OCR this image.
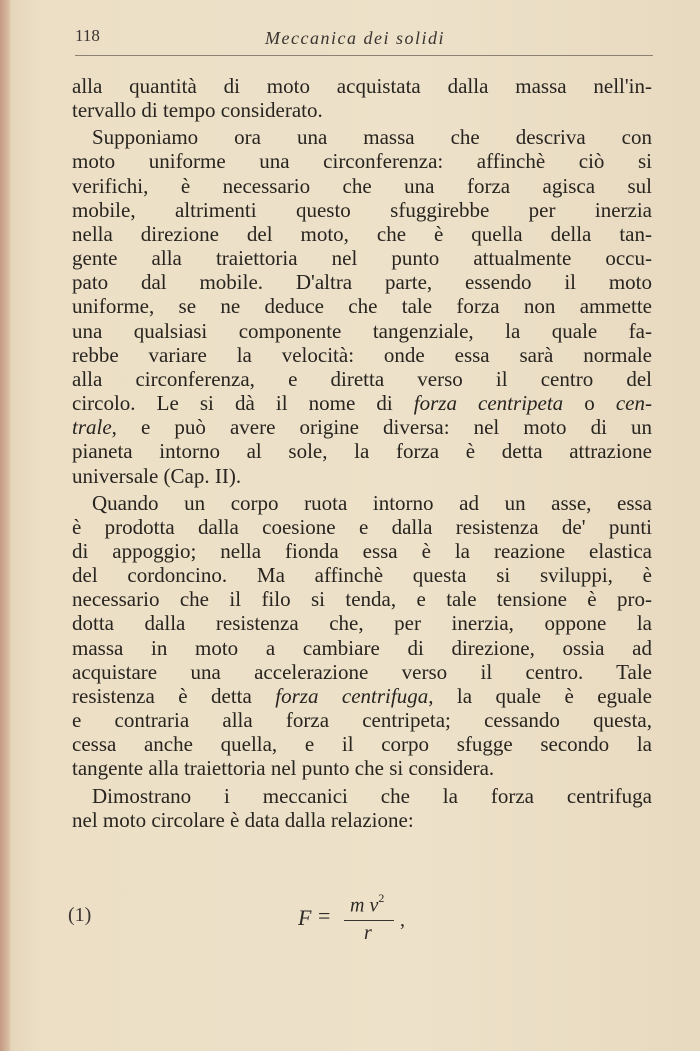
118	Meccanica dei solidi
alla quantità di moto acquistata dalla massa nell'in-
tervallo di tempo considerato.
Supponiamo ora una massa che descriva con
moto uniforme una circonferenza: affinchè ciò si
verifichi, è necessario che una forza agisca sul
mobile, altrimenti questo sfuggirebbe per inerzia
nella direzione del moto, che è quella della tan-
gente alla traiettoria nel punto attualmente occu-
pato dal mobile. D'altra parte, essendo il moto
uniforme, se ne deduce che tale forza non ammette
una qualsiasi componente tangenziale, la quale fa-
rebbe variare la velocità: onde essa sarà normale
alla circonferenza, e diretta verso il centro del
circolo. Le si dà il nome di forza centripeta o cen-
trale, e può avere origine diversa: nel moto di un
pianeta intorno al sole, la forza è detta attrazione
universale (Cap. II).
Quando un corpo ruota intorno ad un asse, essa
è prodotta dalla coesione e dalla resistenza de' punti
di appoggio; nella fionda essa è la reazione elastica
del cordoncino. Ma affinchè questa si sviluppi, è
necessario che il filo si tenda, e tale tensione è pro-
dotta dalla resistenza che, per inerzia, oppone la
massa in moto a cambiare di direzione, ossia ad
acquistare una accelerazione verso il centro. Tale
resistenza è detta forza centrifuga, la quale è eguale
e contraria alla forza centripeta; cessando questa,
cessa anche quella, e il corpo sfugge secondo la
tangente alla traiettoria nel punto che si considera.
Dimostrano i meccanici che la forza centrifuga
nel moto circolare è data dalla relazione:
(1)	F = m $v^2$
r
,
